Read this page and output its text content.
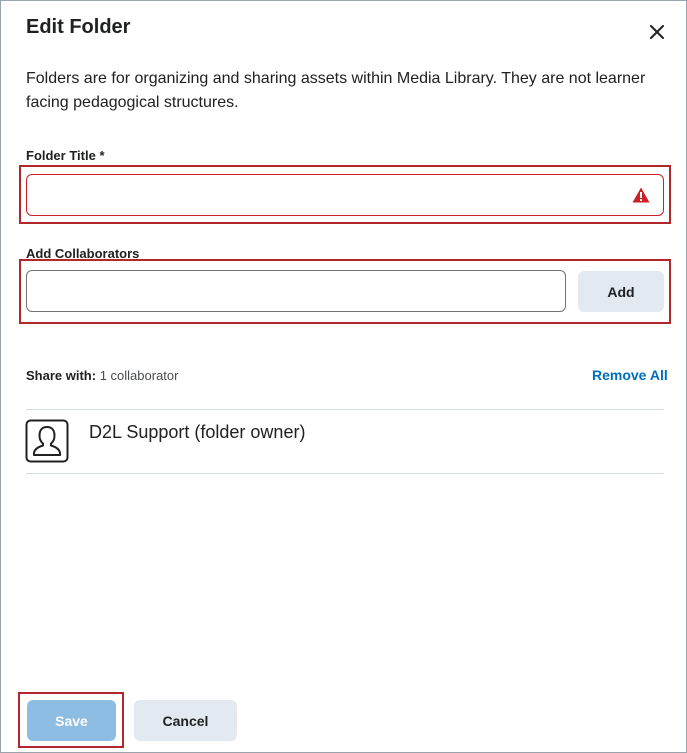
Edit Folder
Folders are for organizing and sharing assets within Media Library. They are not learner facing pedagogical structures.
Folder Title *
Add Collaborators
Add
Share with: 1 collaborator	Remove All
D2L Support (folder owner)
Save	Cancel
